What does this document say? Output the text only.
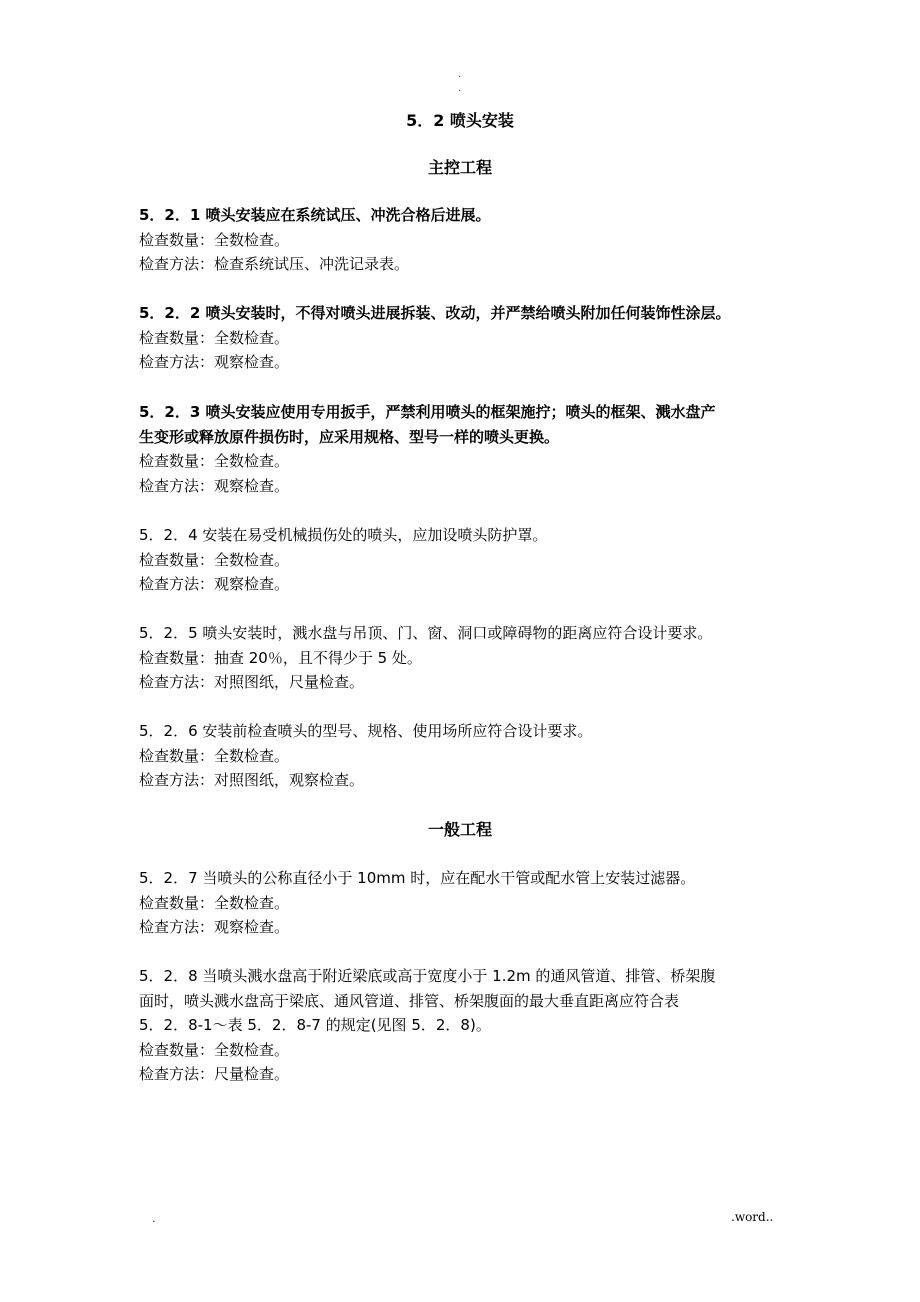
.
.
5．2 喷头安装
主控工程

5．2．1 喷头安装应在系统试压、冲洗合格后进展。

检查数量：全数检查。

检查方法：检查系统试压、冲洗记录表。

5．2．2 喷头安装时，不得对喷头进展拆装、改动，并严禁给喷头附加任何装饰性涂层。

检查数量：全数检查。

检查方法：观察检查。

5．2．3 喷头安装应使用专用扳手，严禁利用喷头的框架施拧；喷头的框架、溅水盘产

生变形或释放原件损伤时，应采用规格、型号一样的喷头更换。

检查数量：全数检查。

检查方法：观察检查。

5．2．4 安装在易受机械损伤处的喷头，应加设喷头防护罩。

检查数量：全数检查。

检查方法：观察检查。

5．2．5 喷头安装时，溅水盘与吊顶、门、窗、洞口或障碍物的距离应符合设计要求。

检查数量：抽查 20％，且不得少于 5 处。

检查方法：对照图纸，尺量检查。

5．2．6 安装前检查喷头的型号、规格、使用场所应符合设计要求。

检查数量：全数检查。

检查方法：对照图纸，观察检查。

一般工程

5．2．7 当喷头的公称直径小于 10mm 时，应在配水干管或配水管上安装过滤器。

检查数量：全数检查。

检查方法：观察检查。

5．2．8 当喷头溅水盘高于附近梁底或高于宽度小于 1.2m 的通风管道、排管、桥架腹

面时，喷头溅水盘高于梁底、通风管道、排管、桥架腹面的最大垂直距离应符合表

5．2．8-1～表 5．2．8-7 的规定(见图 5．2．8)。

检查数量：全数检查。

检查方法：尺量检查。

.	.word..
